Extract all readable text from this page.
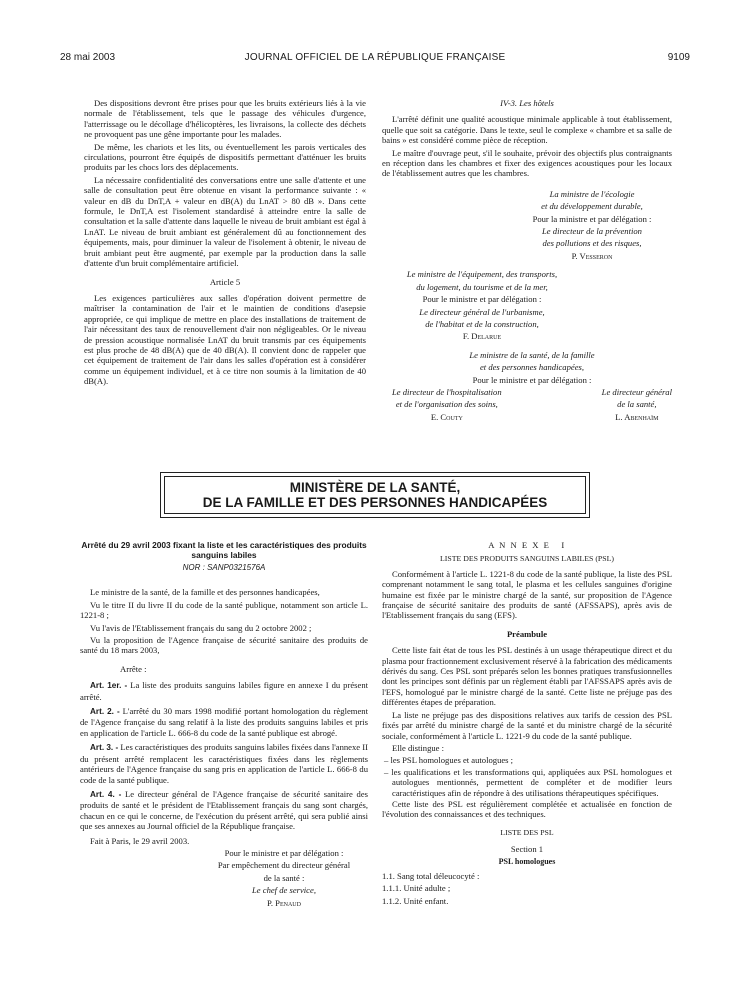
28 mai 2003	JOURNAL OFFICIEL DE LA RÉPUBLIQUE FRANÇAISE	9109

Des dispositions devront être prises pour que les bruits extérieurs liés à la vie normale de l'établissement, tels que le passage des véhicules d'urgence, l'atterrissage ou le décollage d'hélicoptères, les livraisons, la collecte des déchets ne provoquent pas une gêne importante pour les malades.

De même, les chariots et les lits, ou éventuellement les parois verticales des circulations, pourront être équipés de dispositifs permettant d'atténuer les bruits produits par les chocs lors des déplacements.

La nécessaire confidentialité des conversations entre une salle d'attente et une salle de consultation peut être obtenue en visant la performance suivante : « valeur en dB du DnT,A + valeur en dB(A) du LnAT > 80 dB ». Dans cette formule, le DnT,A est l'isolement standardisé à atteindre entre la salle de consultation et la salle d'attente dans laquelle le niveau de bruit ambiant est égal à LnAT. Le niveau de bruit ambiant est généralement dû au fonctionnement des équipements, mais, pour diminuer la valeur de l'isolement à obtenir, le niveau de bruit ambiant peut être augmenté, par exemple par la production dans la salle d'attente d'un bruit complémentaire artificiel.

Article 5

Les exigences particulières aux salles d'opération doivent permettre de maîtriser la contamination de l'air et le maintien de conditions d'asepsie appropriée, ce qui implique de mettre en place des installations de traitement de l'air nécessitant des taux de renouvellement d'air non négligeables. Or le niveau de pression acoustique normalisée LnAT du bruit transmis par ces équipements est plus proche de 48 dB(A) que de 40 dB(A). Il convient donc de rappeler que cet équipement de traitement de l'air dans les salles d'opération est à considérer comme un équipement individuel, et à ce titre non soumis à la limitation de 40 dB(A).

IV-3. Les hôtels

L'arrêté définit une qualité acoustique minimale applicable à tout établissement, quelle que soit sa catégorie. Dans le texte, seul le complexe « chambre et sa salle de bains » est considéré comme pièce de réception.

Le maître d'ouvrage peut, s'il le souhaite, prévoir des objectifs plus contraignants en réception dans les chambres et fixer des exigences acoustiques pour les locaux de l'établissement autres que les chambres.

La ministre de l'écologie

et du développement durable,

Pour la ministre et par délégation :

Le directeur de la prévention

des pollutions et des risques,

P. Vesseron

Le ministre de l'équipement, des transports,

du logement, du tourisme et de la mer,

Pour le ministre et par délégation :

Le directeur général de l'urbanisme,

de l'habitat et de la construction,

F. Delarue

Le ministre de la santé, de la famille

et des personnes handicapées,

Pour le ministre et par délégation :

Le directeur de l'hospitalisation

et de l'organisation des soins,

E. Couty

Le directeur général

de la santé,

L. Abenhaïm

MINISTÈRE DE LA SANTÉ,
DE LA FAMILLE ET DES PERSONNES HANDICAPÉES

Arrêté du 29 avril 2003 fixant la liste et les caractéristiques des produits sanguins labiles

NOR : SANP0321576A

Le ministre de la santé, de la famille et des personnes handicapées,

Vu le titre II du livre II du code de la santé publique, notamment son article L. 1221-8 ;

Vu l'avis de l'Etablissement français du sang du 2 octobre 2002 ;

Vu la proposition de l'Agence française de sécurité sanitaire des produits de santé du 18 mars 2003,

Arrête :

Art. 1er. - La liste des produits sanguins labiles figure en annexe I du présent arrêté.

Art. 2. - L'arrêté du 30 mars 1998 modifié portant homologation du règlement de l'Agence française du sang relatif à la liste des produits sanguins labiles et pris en application de l'article L. 666-8 du code de la santé publique est abrogé.

Art. 3. - Les caractéristiques des produits sanguins labiles fixées dans l'annexe II du présent arrêté remplacent les caractéristiques fixées dans les règlements antérieurs de l'Agence française du sang pris en application de l'article L. 666-8 du code de la santé publique.

Art. 4. - Le directeur général de l'Agence française de sécurité sanitaire des produits de santé et le président de l'Etablissement français du sang sont chargés, chacun en ce qui le concerne, de l'exécution du présent arrêté, qui sera publié ainsi que ses annexes au Journal officiel de la République française.

Fait à Paris, le 29 avril 2003.

Pour le ministre et par délégation :

Par empêchement du directeur général

de la santé :

Le chef de service,

P. Penaud

A N N E X E   I

LISTE DES PRODUITS SANGUINS LABILES (PSL)

Conformément à l'article L. 1221-8 du code de la santé publique, la liste des PSL comprenant notamment le sang total, le plasma et les cellules sanguines d'origine humaine est fixée par le ministre chargé de la santé, sur proposition de l'Agence française de sécurité sanitaire des produits de santé (AFSSAPS), après avis de l'Etablissement français du sang (EFS).

Préambule

Cette liste fait état de tous les PSL destinés à un usage thérapeutique direct et du plasma pour fractionnement exclusivement réservé à la fabrication des médicaments dérivés du sang. Ces PSL sont préparés selon les bonnes pratiques transfusionnelles dont les principes sont définis par un règlement établi par l'AFSSAPS après avis de l'EFS, homologué par le ministre chargé de la santé. Cette liste ne préjuge pas des différentes étapes de préparation.

La liste ne préjuge pas des dispositions relatives aux tarifs de cession des PSL fixés par arrêté du ministre chargé de la santé et du ministre chargé de la sécurité sociale, conformément à l'article L. 1221-9 du code de la santé publique.

Elle distingue :

– les PSL homologues et autologues ;
– les qualifications et les transformations qui, appliquées aux PSL homologues et autologues mentionnés, permettent de compléter et de modifier leurs caractéristiques afin de répondre à des utilisations thérapeutiques spécifiques.

Cette liste des PSL est régulièrement complétée et actualisée en fonction de l'évolution des connaissances et des techniques.

LISTE DES PSL

Section 1

PSL homologues

1.1. Sang total déleucocyté :

1.1.1. Unité adulte ;

1.1.2. Unité enfant.
